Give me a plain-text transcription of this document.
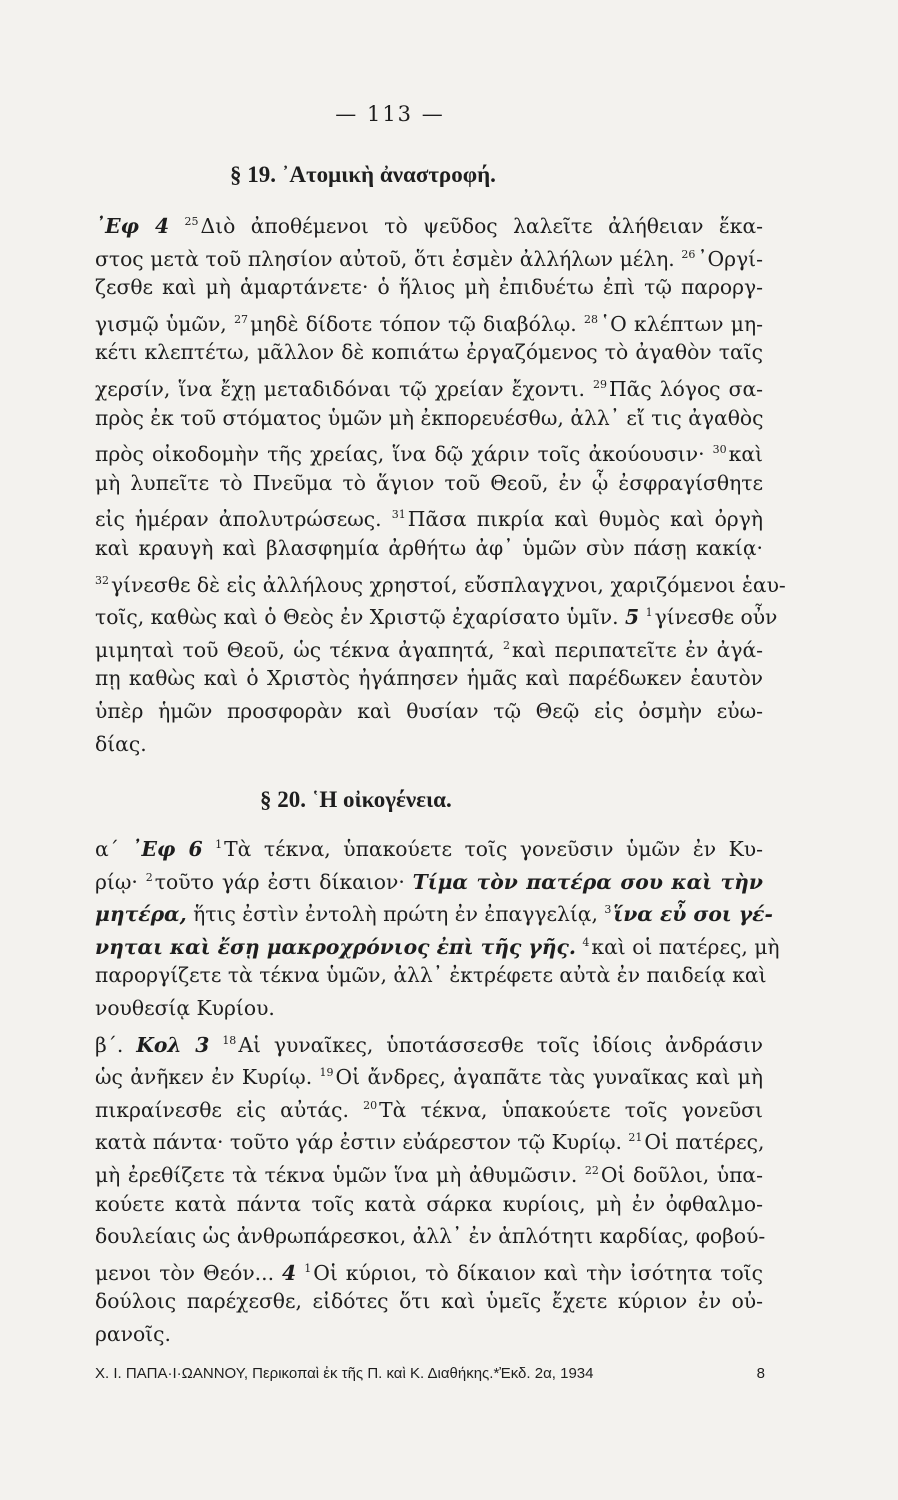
— 113 —
§ 19. ᾿Ατομικὴ ἀναστροφή.
᾿Εφ 4 $^{25}$Διὸ ἀποθέμενοι τὸ ψεῦδος λαλεῖτε ἀλήθειαν ἕκα-
στος μετὰ τοῦ πλησίον αὐτοῦ, ὅτι ἐσμὲν ἀλλήλων μέλη. $^{26}$᾿Οργί-
ζεσθε καὶ μὴ ἁμαρτάνετε· ὁ ἥλιος μὴ ἐπιδυέτω ἐπὶ τῷ παροργ-
γισμῷ ὑμῶν, $^{27}$μηδὲ δίδοτε τόπον τῷ διαβόλῳ. $^{28}$῾Ο κλέπτων μη-
κέτι κλεπτέτω, μᾶλλον δὲ κοπιάτω ἐργαζόμενος τὸ ἀγαθὸν ταῖς
χερσίν, ἵνα ἔχῃ μεταδιδόναι τῷ χρείαν ἔχοντι. $^{29}$Πᾶς λόγος σα-
πρὸς ἐκ τοῦ στόματος ὑμῶν μὴ ἐκπορευέσθω, ἀλλ᾿ εἴ τις ἀγαθὸς
πρὸς οἰκοδομὴν τῆς χρείας, ἵνα δῷ χάριν τοῖς ἀκούουσιν· $^{30}$καὶ
μὴ λυπεῖτε τὸ Πνεῦμα τὸ ἅγιον τοῦ Θεοῦ, ἐν ᾧ ἐσφραγίσθητε
εἰς ἡμέραν ἀπολυτρώσεως. $^{31}$Πᾶσα πικρία καὶ θυμὸς καὶ ὀργὴ
καὶ κραυγὴ καὶ βλασφημία ἀρθήτω ἀφ᾿ ὑμῶν σὺν πάσῃ κακίᾳ·
$^{32}$γίνεσθε δὲ εἰς ἀλλήλους χρηστοί, εὔσπλαγχνοι, χαριζόμενοι ἑαυ-
τοῖς, καθὼς καὶ ὁ Θεὸς ἐν Χριστῷ ἐχαρίσατο ὑμῖν. 5 $^1$γίνεσθε οὖν
μιμηταὶ τοῦ Θεοῦ, ὡς τέκνα ἀγαπητά, $^2$καὶ περιπατεῖτε ἐν ἀγά-
πῃ καθὼς καὶ ὁ Χριστὸς ἠγάπησεν ἡμᾶς καὶ παρέδωκεν ἑαυτὸν
ὑπὲρ ἡμῶν προσφορὰν καὶ θυσίαν τῷ Θεῷ εἰς ὀσμὴν εὐω-
δίας.
§ 20. ῾Η οἰκογένεια.
α΄ ᾿Εφ 6 $^1$Τὰ τέκνα, ὑπακούετε τοῖς γονεῦσιν ὑμῶν ἐν Κυ-
ρίῳ· $^2$τοῦτο γάρ ἐστι δίκαιον· Τίμα τὸν πατέρα σου καὶ τὴν
μητέρα, ἥτις ἐστὶν ἐντολὴ πρώτη ἐν ἐπαγγελίᾳ, $^3$ἵνα εὖ σοι γέ-
νηται καὶ ἔσῃ μακροχρόνιος ἐπὶ τῆς γῆς. $^4$καὶ οἱ πατέρες, μὴ
παροργίζετε τὰ τέκνα ὑμῶν, ἀλλ᾿ ἐκτρέφετε αὐτὰ ἐν παιδείᾳ καὶ
νουθεσίᾳ Κυρίου.
β΄. Κολ 3 $^{18}$Αἱ γυναῖκες, ὑποτάσσεσθε τοῖς ἰδίοις ἀνδράσιν
ὡς ἀνῆκεν ἐν Κυρίῳ. $^{19}$Οἱ ἄνδρες, ἀγαπᾶτε τὰς γυναῖκας καὶ μὴ
πικραίνεσθε εἰς αὐτάς. $^{20}$Τὰ τέκνα, ὑπακούετε τοῖς γονεῦσι
κατὰ πάντα· τοῦτο γάρ ἐστιν εὐάρεστον τῷ Κυρίῳ. $^{21}$Οἱ πατέρες,
μὴ ἐρεθίζετε τὰ τέκνα ὑμῶν ἵνα μὴ ἀθυμῶσιν. $^{22}$Οἱ δοῦλοι, ὑπα-
κούετε κατὰ πάντα τοῖς κατὰ σάρκα κυρίοις, μὴ ἐν ὀφθαλμο-
δουλείαις ὡς ἀνθρωπάρεσκοι, ἀλλ᾿ ἐν ἁπλότητι καρδίας, φοβού-
μενοι τὸν Θεόν... 4 $^1$Οἱ κύριοι, τὸ δίκαιον καὶ τὴν ἰσότητα τοῖς
δούλοις παρέχεσθε, εἰδότες ὅτι καὶ ὑμεῖς ἔχετε κύριον ἐν οὐ-
ρανοῖς.
Χ. Ι. ΠΑΠΑ·Ι·ΩΑΝΝΟΥ, Περικοπαὶ ἐκ τῆς Π. καὶ Κ. Διαθήκης.*Ἐκδ. 2α, 1934	8
